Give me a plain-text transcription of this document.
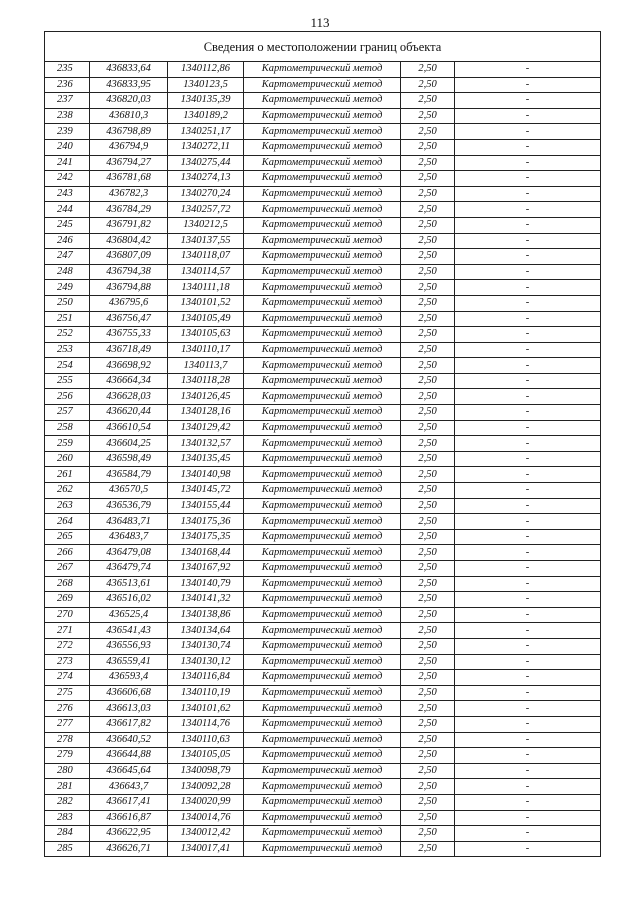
113
Сведения о местоположении границ объекта					
235	436833,64	1340112,86	Картометрический метод	2,50	-
236	436833,95	1340123,5	Картометрический метод	2,50	-
237	436820,03	1340135,39	Картометрический метод	2,50	-
238	436810,3	1340189,2	Картометрический метод	2,50	-
239	436798,89	1340251,17	Картометрический метод	2,50	-
240	436794,9	1340272,11	Картометрический метод	2,50	-
241	436794,27	1340275,44	Картометрический метод	2,50	-
242	436781,68	1340274,13	Картометрический метод	2,50	-
243	436782,3	1340270,24	Картометрический метод	2,50	-
244	436784,29	1340257,72	Картометрический метод	2,50	-
245	436791,82	1340212,5	Картометрический метод	2,50	-
246	436804,42	1340137,55	Картометрический метод	2,50	-
247	436807,09	1340118,07	Картометрический метод	2,50	-
248	436794,38	1340114,57	Картометрический метод	2,50	-
249	436794,88	1340111,18	Картометрический метод	2,50	-
250	436795,6	1340101,52	Картометрический метод	2,50	-
251	436756,47	1340105,49	Картометрический метод	2,50	-
252	436755,33	1340105,63	Картометрический метод	2,50	-
253	436718,49	1340110,17	Картометрический метод	2,50	-
254	436698,92	1340113,7	Картометрический метод	2,50	-
255	436664,34	1340118,28	Картометрический метод	2,50	-
256	436628,03	1340126,45	Картометрический метод	2,50	-
257	436620,44	1340128,16	Картометрический метод	2,50	-
258	436610,54	1340129,42	Картометрический метод	2,50	-
259	436604,25	1340132,57	Картометрический метод	2,50	-
260	436598,49	1340135,45	Картометрический метод	2,50	-
261	436584,79	1340140,98	Картометрический метод	2,50	-
262	436570,5	1340145,72	Картометрический метод	2,50	-
263	436536,79	1340155,44	Картометрический метод	2,50	-
264	436483,71	1340175,36	Картометрический метод	2,50	-
265	436483,7	1340175,35	Картометрический метод	2,50	-
266	436479,08	1340168,44	Картометрический метод	2,50	-
267	436479,74	1340167,92	Картометрический метод	2,50	-
268	436513,61	1340140,79	Картометрический метод	2,50	-
269	436516,02	1340141,32	Картометрический метод	2,50	-
270	436525,4	1340138,86	Картометрический метод	2,50	-
271	436541,43	1340134,64	Картометрический метод	2,50	-
272	436556,93	1340130,74	Картометрический метод	2,50	-
273	436559,41	1340130,12	Картометрический метод	2,50	-
274	436593,4	1340116,84	Картометрический метод	2,50	-
275	436606,68	1340110,19	Картометрический метод	2,50	-
276	436613,03	1340101,62	Картометрический метод	2,50	-
277	436617,82	1340114,76	Картометрический метод	2,50	-
278	436640,52	1340110,63	Картометрический метод	2,50	-
279	436644,88	1340105,05	Картометрический метод	2,50	-
280	436645,64	1340098,79	Картометрический метод	2,50	-
281	436643,7	1340092,28	Картометрический метод	2,50	-
282	436617,41	1340020,99	Картометрический метод	2,50	-
283	436616,87	1340014,76	Картометрический метод	2,50	-
284	436622,95	1340012,42	Картометрический метод	2,50	-
285	436626,71	1340017,41	Картометрический метод	2,50	-
